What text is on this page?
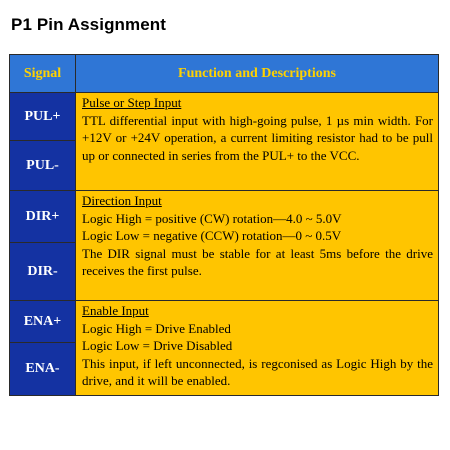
P1 Pin Assignment
Signal	Function and Descriptions
PUL+	Pulse or Step Input
TTL differential input with high-going pulse, 1 µs min width. For +12V or +24V operation, a current limiting resistor had to be pull up or connected in series from the PUL+ to the VCC.

PUL-	
DIR+	Direction Input
Logic High = positive (CW) rotation—4.0 ~ 5.0V
Logic Low = negative (CCW) rotation—0 ~ 0.5V
The DIR signal must be stable for at least 5ms before the drive receives the first pulse.

DIR-	
ENA+	Enable Input
Logic High = Drive Enabled
Logic Low = Drive Disabled
This input, if left unconnected, is regconised as Logic High by the drive, and it will be enabled.

ENA-	
